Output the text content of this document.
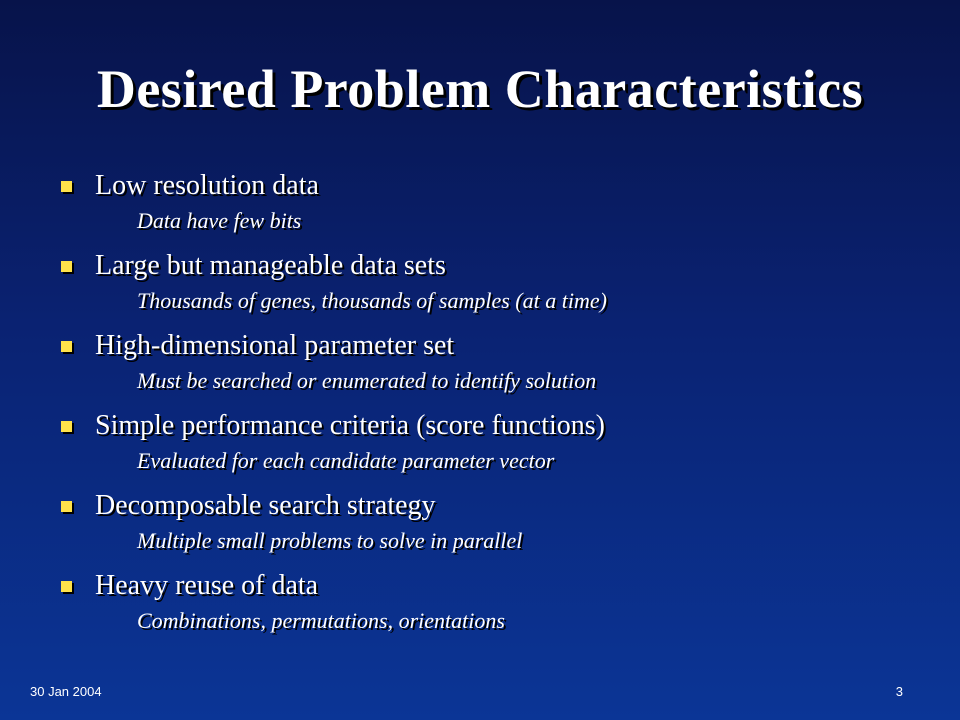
Desired Problem Characteristics
Low resolution data
Data have few bits
Large but manageable data sets
Thousands of genes, thousands of samples (at a time)
High-dimensional parameter set
Must be searched or enumerated to identify solution
Simple performance criteria (score functions)
Evaluated for each candidate parameter vector
Decomposable search strategy
Multiple small problems to solve in parallel
Heavy reuse of data
Combinations, permutations, orientations
30 Jan 2004	3
